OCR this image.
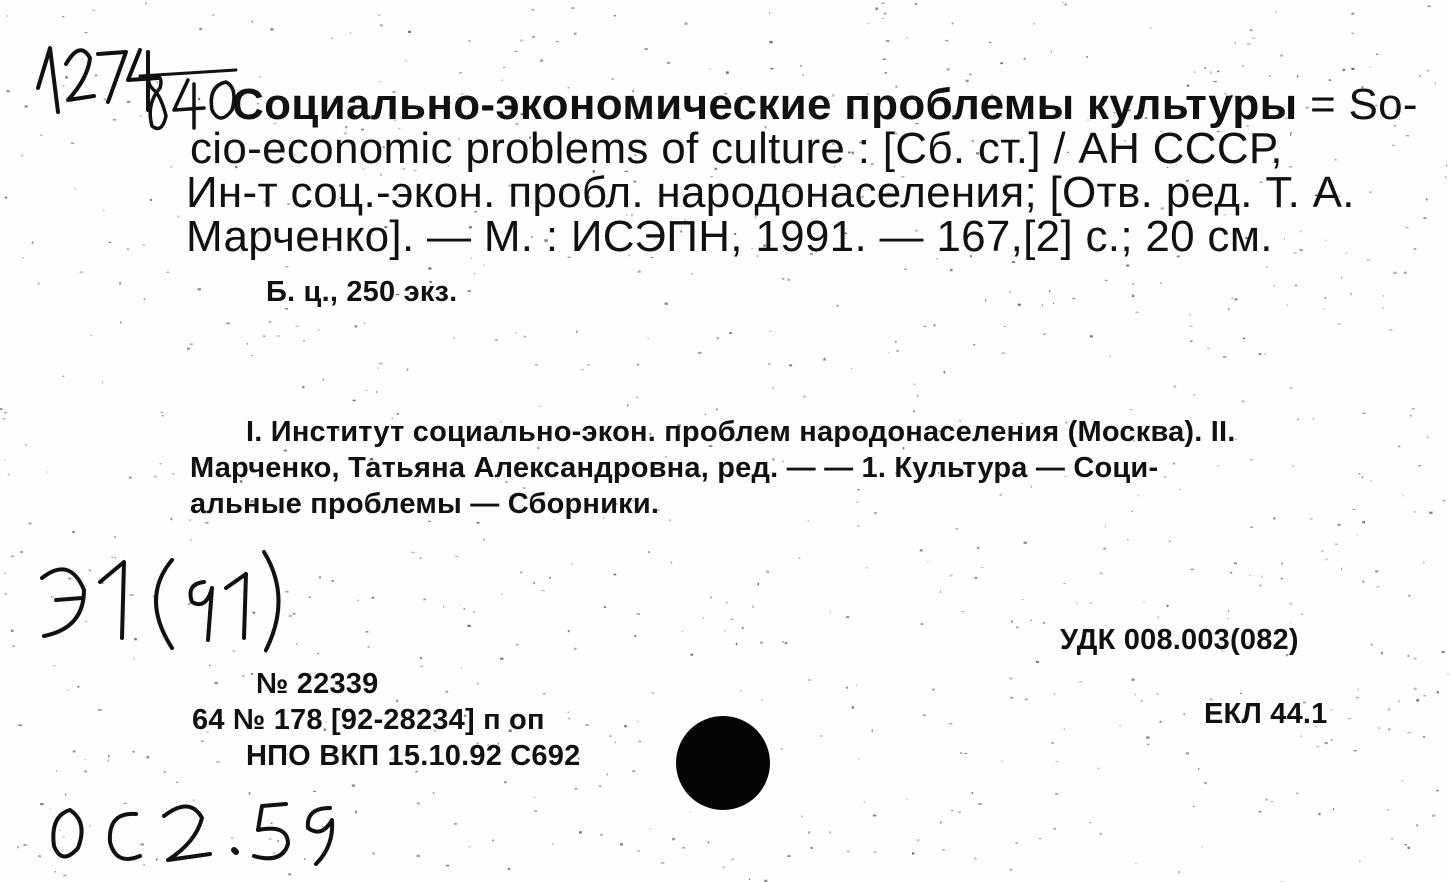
Социально-экономические проблемы культуры = So-
cio-economic problems of culture : [Сб. ст.] / АН СССР,
Ин-т соц.-экон. пробл. народонаселения; [Отв. ред. Т. А.
Марченко]. — М. : ИСЭПН, 1991. — 167,[2] с.; 20 см.
Б. ц., 250 экз.
I. Институт социально-экон. проблем народонаселения (Москва). II.
Марченко, Татьяна Александровна, ред. — — 1. Культура — Соци-
альные проблемы — Сборники.
УДК 008.003(082)
ЕКЛ 44.1
№ 22339
64 № 178 [92-28234] п оп
НПО ВКП 15.10.92 С692
